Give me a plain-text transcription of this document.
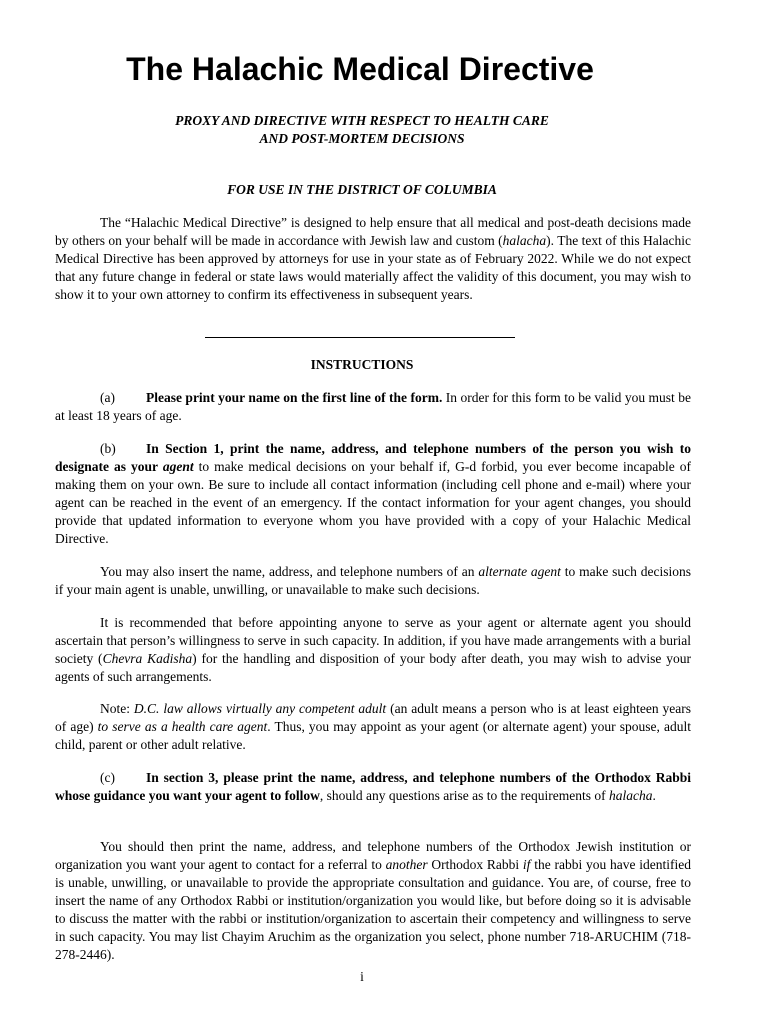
The Halachic Medical Directive
PROXY AND DIRECTIVE WITH RESPECT TO HEALTH CARE
AND POST-MORTEM DECISIONS
FOR USE IN THE DISTRICT OF COLUMBIA

The “Halachic Medical Directive” is designed to help ensure that all medical and post-death decisions made by others on your behalf will be made in accordance with Jewish law and custom (halacha). The text of this Halachic Medical Directive has been approved by attorneys for use in your state as of February 2022. While we do not expect that any future change in federal or state laws would materially affect the validity of this document, you may wish to show it to your own attorney to confirm its effectiveness in subsequent years.

INSTRUCTIONS

(a) Please print your name on the first line of the form. In order for this form to be valid you must be at least 18 years of age.

(b) In Section 1, print the name, address, and telephone numbers of the person you wish to designate as your agent to make medical decisions on your behalf if, G-d forbid, you ever become incapable of making them on your own. Be sure to include all contact information (including cell phone and e-mail) where your agent can be reached in the event of an emergency. If the contact information for your agent changes, you should provide that updated information to everyone whom you have provided with a copy of your Halachic Medical Directive.

You may also insert the name, address, and telephone numbers of an alternate agent to make such decisions if your main agent is unable, unwilling, or unavailable to make such decisions.

It is recommended that before appointing anyone to serve as your agent or alternate agent you should ascertain that person’s willingness to serve in such capacity. In addition, if you have made arrangements with a burial society (Chevra Kadisha) for the handling and disposition of your body after death, you may wish to advise your agents of such arrangements.

Note: D.C. law allows virtually any competent adult (an adult means a person who is at least eighteen years of age) to serve as a health care agent. Thus, you may appoint as your agent (or alternate agent) your spouse, adult child, parent or other adult relative.

(c) In section 3, please print the name, address, and telephone numbers of the Orthodox Rabbi whose guidance you want your agent to follow, should any questions arise as to the requirements of halacha.

You should then print the name, address, and telephone numbers of the Orthodox Jewish institution or organization you want your agent to contact for a referral to another Orthodox Rabbi if the rabbi you have identified is unable, unwilling, or unavailable to provide the appropriate consultation and guidance. You are, of course, free to insert the name of any Orthodox Rabbi or institution/organization you would like, but before doing so it is advisable to discuss the matter with the rabbi or institution/organization to ascertain their competency and willingness to serve in such capacity. You may list Chayim Aruchim as the organization you select, phone number 718-ARUCHIM (718-278-2446).

i
